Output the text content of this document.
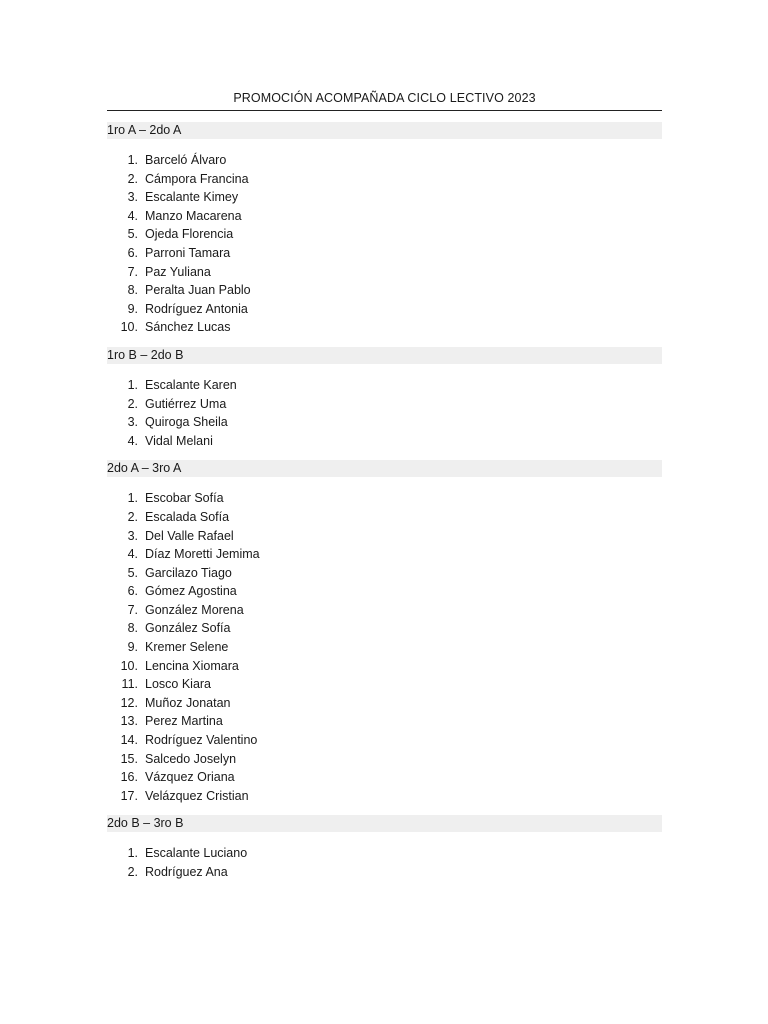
PROMOCIÓN ACOMPAÑADA CICLO LECTIVO 2023
1ro A – 2do A
1. Barceló Álvaro
2. Cámpora Francina
3. Escalante Kimey
4. Manzo Macarena
5. Ojeda Florencia
6. Parroni Tamara
7. Paz Yuliana
8. Peralta Juan Pablo
9. Rodríguez Antonia
10. Sánchez Lucas
1ro B – 2do B
1. Escalante Karen
2. Gutiérrez Uma
3. Quiroga Sheila
4. Vidal Melani
2do A – 3ro A
1. Escobar Sofía
2. Escalada Sofía
3. Del Valle Rafael
4. Díaz Moretti Jemima
5. Garcilazo Tiago
6. Gómez Agostina
7. González Morena
8. González Sofía
9. Kremer Selene
10. Lencina Xiomara
11. Losco Kiara
12. Muñoz Jonatan
13. Perez Martina
14. Rodríguez Valentino
15. Salcedo Joselyn
16. Vázquez Oriana
17. Velázquez Cristian
2do B – 3ro B
1. Escalante Luciano
2. Rodríguez Ana
